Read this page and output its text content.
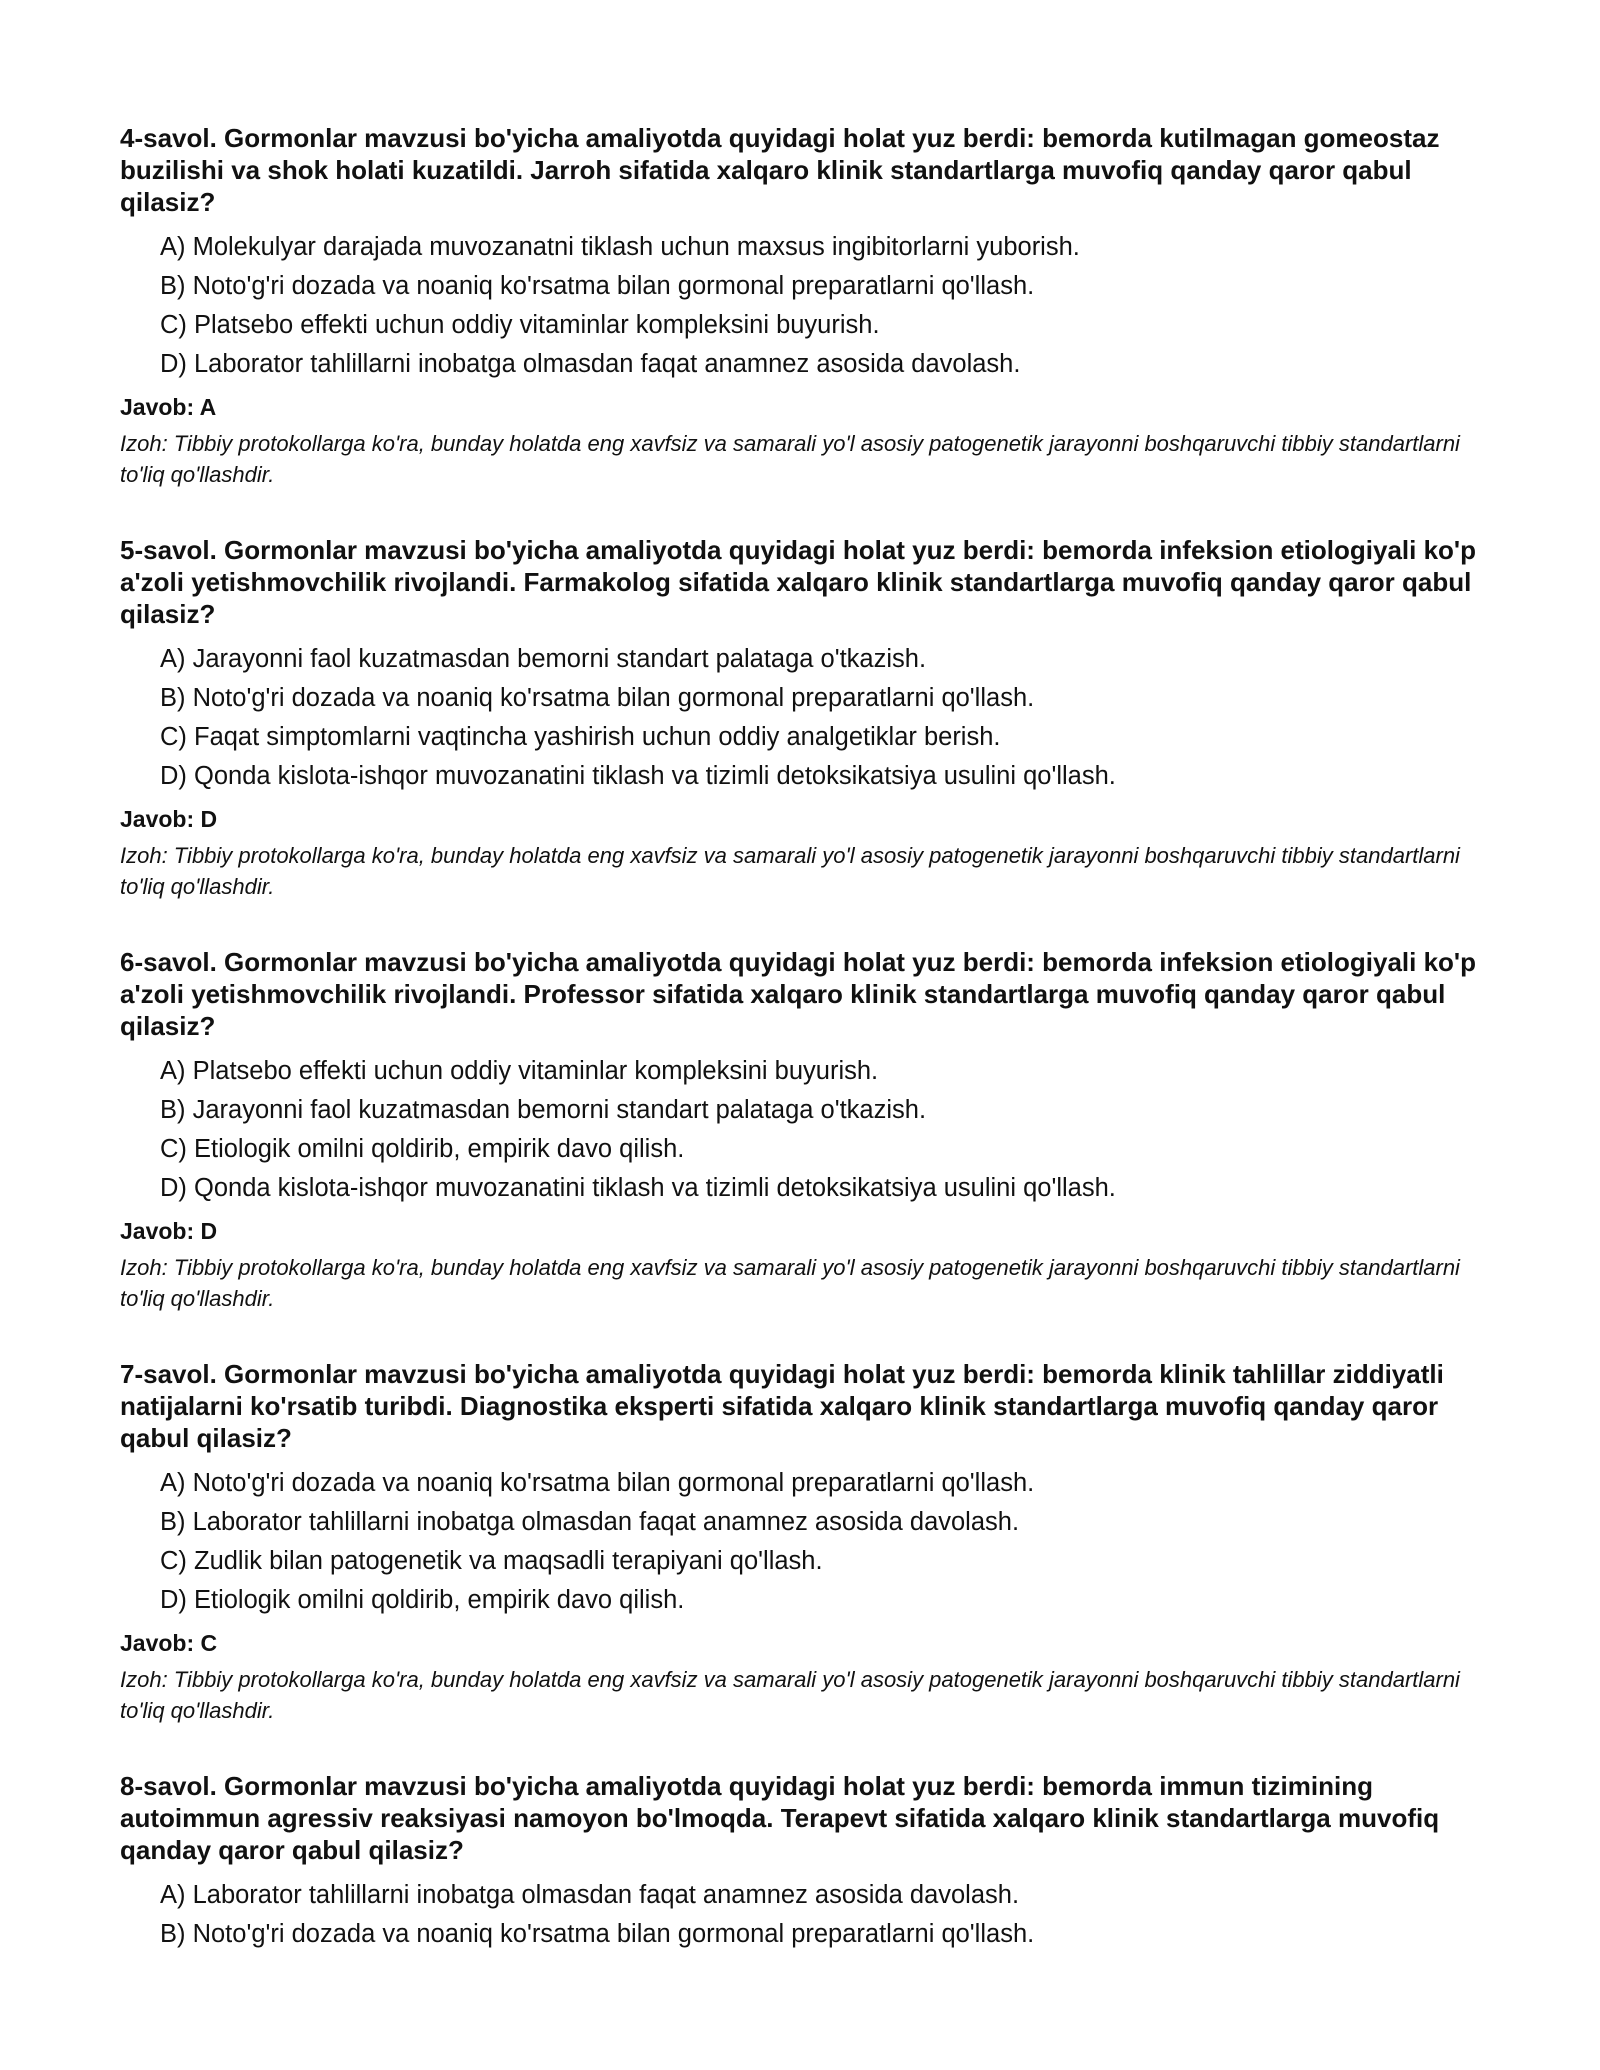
4-savol. Gormonlar mavzusi bo'yicha amaliyotda quyidagi holat yuz berdi: bemorda kutilmagan gomeostaz buzilishi va shok holati kuzatildi. Jarroh sifatida xalqaro klinik standartlarga muvofiq qanday qaror qabul qilasiz?

A) Molekulyar darajada muvozanatni tiklash uchun maxsus ingibitorlarni yuborish.
B) Noto'g'ri dozada va noaniq ko'rsatma bilan gormonal preparatlarni qo'llash.
C) Platsebo effekti uchun oddiy vitaminlar kompleksini buyurish.
D) Laborator tahlillarni inobatga olmasdan faqat anamnez asosida davolash.

Javob: A

Izoh: Tibbiy protokollarga ko'ra, bunday holatda eng xavfsiz va samarali yo'l asosiy patogenetik jarayonni boshqaruvchi tibbiy standartlarni to'liq qo'llashdir.

5-savol. Gormonlar mavzusi bo'yicha amaliyotda quyidagi holat yuz berdi: bemorda infeksion etiologiyali ko'p a'zoli yetishmovchilik rivojlandi. Farmakolog sifatida xalqaro klinik standartlarga muvofiq qanday qaror qabul qilasiz?

A) Jarayonni faol kuzatmasdan bemorni standart palataga o'tkazish.
B) Noto'g'ri dozada va noaniq ko'rsatma bilan gormonal preparatlarni qo'llash.
C) Faqat simptomlarni vaqtincha yashirish uchun oddiy analgetiklar berish.
D) Qonda kislota-ishqor muvozanatini tiklash va tizimli detoksikatsiya usulini qo'llash.

Javob: D

Izoh: Tibbiy protokollarga ko'ra, bunday holatda eng xavfsiz va samarali yo'l asosiy patogenetik jarayonni boshqaruvchi tibbiy standartlarni to'liq qo'llashdir.

6-savol. Gormonlar mavzusi bo'yicha amaliyotda quyidagi holat yuz berdi: bemorda infeksion etiologiyali ko'p a'zoli yetishmovchilik rivojlandi. Professor sifatida xalqaro klinik standartlarga muvofiq qanday qaror qabul qilasiz?

A) Platsebo effekti uchun oddiy vitaminlar kompleksini buyurish.
B) Jarayonni faol kuzatmasdan bemorni standart palataga o'tkazish.
C) Etiologik omilni qoldirib, empirik davo qilish.
D) Qonda kislota-ishqor muvozanatini tiklash va tizimli detoksikatsiya usulini qo'llash.

Javob: D

Izoh: Tibbiy protokollarga ko'ra, bunday holatda eng xavfsiz va samarali yo'l asosiy patogenetik jarayonni boshqaruvchi tibbiy standartlarni to'liq qo'llashdir.

7-savol. Gormonlar mavzusi bo'yicha amaliyotda quyidagi holat yuz berdi: bemorda klinik tahlillar ziddiyatli natijalarni ko'rsatib turibdi. Diagnostika eksperti sifatida xalqaro klinik standartlarga muvofiq qanday qaror qabul qilasiz?

A) Noto'g'ri dozada va noaniq ko'rsatma bilan gormonal preparatlarni qo'llash.
B) Laborator tahlillarni inobatga olmasdan faqat anamnez asosida davolash.
C) Zudlik bilan patogenetik va maqsadli terapiyani qo'llash.
D) Etiologik omilni qoldirib, empirik davo qilish.

Javob: C

Izoh: Tibbiy protokollarga ko'ra, bunday holatda eng xavfsiz va samarali yo'l asosiy patogenetik jarayonni boshqaruvchi tibbiy standartlarni to'liq qo'llashdir.

8-savol. Gormonlar mavzusi bo'yicha amaliyotda quyidagi holat yuz berdi: bemorda immun tizimining autoimmun agressiv reaksiyasi namoyon bo'lmoqda. Terapevt sifatida xalqaro klinik standartlarga muvofiq qanday qaror qabul qilasiz?

A) Laborator tahlillarni inobatga olmasdan faqat anamnez asosida davolash.
B) Noto'g'ri dozada va noaniq ko'rsatma bilan gormonal preparatlarni qo'llash.
